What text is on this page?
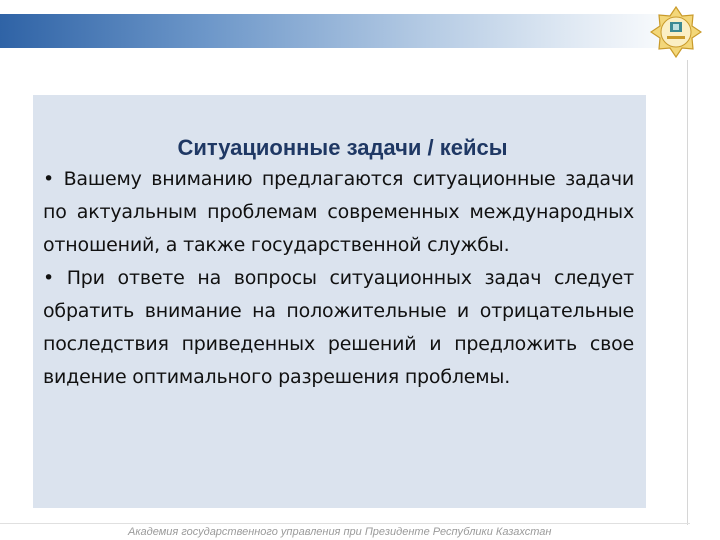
Ситуационные задачи / кейсы

• Вашему вниманию предлагаются ситуационные задачи по актуальным проблемам современных международных отношений, а также государственной службы.

• При ответе на вопросы ситуационных задач следует обратить внимание на положительные и отрицательные последствия приведенных решений и предложить свое видение оптимального разрешения проблемы.

Академия государственного управления при Президенте Республики Казахстан
